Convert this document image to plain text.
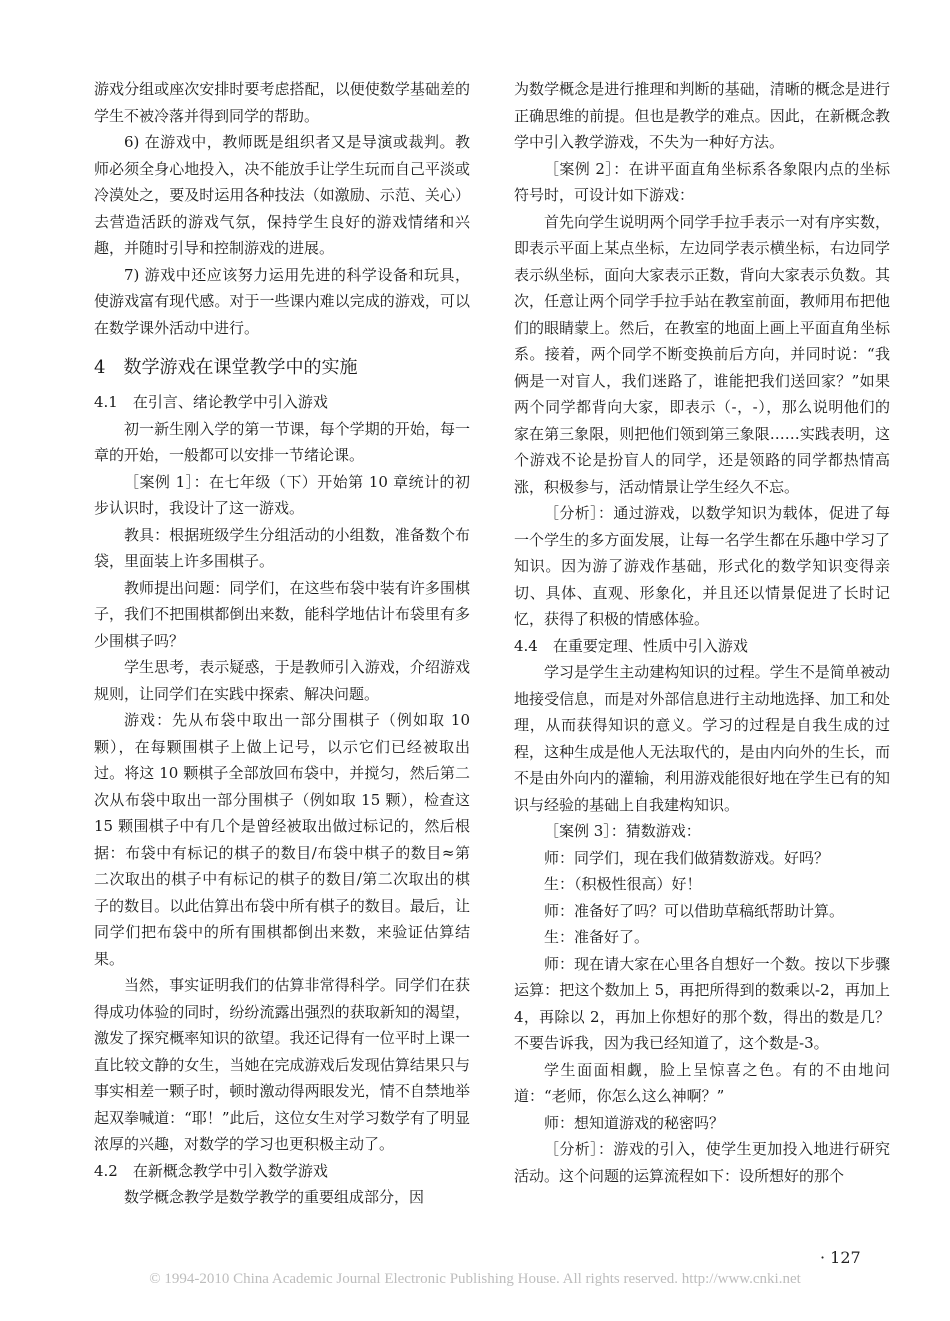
游戏分组或座次安排时要考虑搭配，以便使数学基础差的学生不被冷落并得到同学的帮助。

6) 在游戏中，教师既是组织者又是导演或裁判。教师必须全身心地投入，决不能放手让学生玩而自己平淡或冷漠处之，要及时运用各种技法（如激励、示范、关心）去营造活跃的游戏气氛，保持学生良好的游戏情绪和兴趣，并随时引导和控制游戏的进展。

7) 游戏中还应该努力运用先进的科学设备和玩具，使游戏富有现代感。对于一些课内难以完成的游戏，可以在数学课外活动中进行。

4　数学游戏在课堂教学中的实施
4.1　在引言、绪论教学中引入游戏

初一新生刚入学的第一节课，每个学期的开始，每一章的开始，一般都可以安排一节绪论课。

［案例 1］：在七年级（下）开始第 10 章统计的初步认识时，我设计了这一游戏。

教具：根据班级学生分组活动的小组数，准备数个布袋，里面装上许多围棋子。

教师提出问题：同学们，在这些布袋中装有许多围棋子，我们不把围棋都倒出来数，能科学地估计布袋里有多少围棋子吗？

学生思考，表示疑惑，于是教师引入游戏，介绍游戏规则，让同学们在实践中探索、解决问题。

游戏：先从布袋中取出一部分围棋子（例如取 10 颗），在每颗围棋子上做上记号，以示它们已经被取出过。将这 10 颗棋子全部放回布袋中，并搅匀，然后第二次从布袋中取出一部分围棋子（例如取 15 颗），检查这 15 颗围棋子中有几个是曾经被取出做过标记的，然后根据：布袋中有标记的棋子的数目/布袋中棋子的数目≈第二次取出的棋子中有标记的棋子的数目/第二次取出的棋子的数目。以此估算出布袋中所有棋子的数目。最后，让同学们把布袋中的所有围棋都倒出来数，来验证估算结果。

当然，事实证明我们的估算非常得科学。同学们在获得成功体验的同时，纷纷流露出强烈的获取新知的渴望，激发了探究概率知识的欲望。我还记得有一位平时上课一直比较文静的女生，当她在完成游戏后发现估算结果只与事实相差一颗子时，顿时激动得两眼发光，情不自禁地举起双拳喊道：“耶！”此后，这位女生对学习数学有了明显浓厚的兴趣，对数学的学习也更积极主动了。

4.2　在新概念教学中引入数学游戏

数学概念教学是数学教学的重要组成部分，因

为数学概念是进行推理和判断的基础，清晰的概念是进行正确思维的前提。但也是教学的难点。因此，在新概念教学中引入教学游戏，不失为一种好方法。

［案例 2］：在讲平面直角坐标系各象限内点的坐标符号时，可设计如下游戏：

首先向学生说明两个同学手拉手表示一对有序实数，即表示平面上某点坐标，左边同学表示横坐标，右边同学表示纵坐标，面向大家表示正数，背向大家表示负数。其次，任意让两个同学手拉手站在教室前面，教师用布把他们的眼睛蒙上。然后，在教室的地面上画上平面直角坐标系。接着，两个同学不断变换前后方向，并同时说：“我俩是一对盲人，我们迷路了，谁能把我们送回家？”如果两个同学都背向大家，即表示（-，-），那么说明他们的家在第三象限，则把他们领到第三象限……实践表明，这个游戏不论是扮盲人的同学，还是领路的同学都热情高涨，积极参与，活动情景让学生经久不忘。

［分析］：通过游戏，以数学知识为载体，促进了每一个学生的多方面发展，让每一名学生都在乐趣中学习了知识。因为游了游戏作基础，形式化的数学知识变得亲切、具体、直观、形象化，并且还以情景促进了长时记忆，获得了积极的情感体验。

4.4　在重要定理、性质中引入游戏

学习是学生主动建构知识的过程。学生不是简单被动地接受信息，而是对外部信息进行主动地选择、加工和处理，从而获得知识的意义。学习的过程是自我生成的过程，这种生成是他人无法取代的，是由内向外的生长，而不是由外向内的灌输，利用游戏能很好地在学生已有的知识与经验的基础上自我建构知识。

［案例 3］：猜数游戏：

师：同学们，现在我们做猜数游戏。好吗？

生：（积极性很高）好！

师：准备好了吗？可以借助草稿纸帮助计算。

生：准备好了。

师：现在请大家在心里各自想好一个数。按以下步骤运算：把这个数加上 5，再把所得到的数乘以-2，再加上 4，再除以 2，再加上你想好的那个数，得出的数是几？不要告诉我，因为我已经知道了，这个数是-3。

学生面面相觑，脸上呈惊喜之色。有的不由地问道：“老师，你怎么这么神啊？”

师：想知道游戏的秘密吗？

［分析］：游戏的引入，使学生更加投入地进行研究活动。这个问题的运算流程如下：设所想好的那个

· 127
© 1994-2010 China Academic Journal Electronic Publishing House. All rights reserved. http://www.cnki.net
